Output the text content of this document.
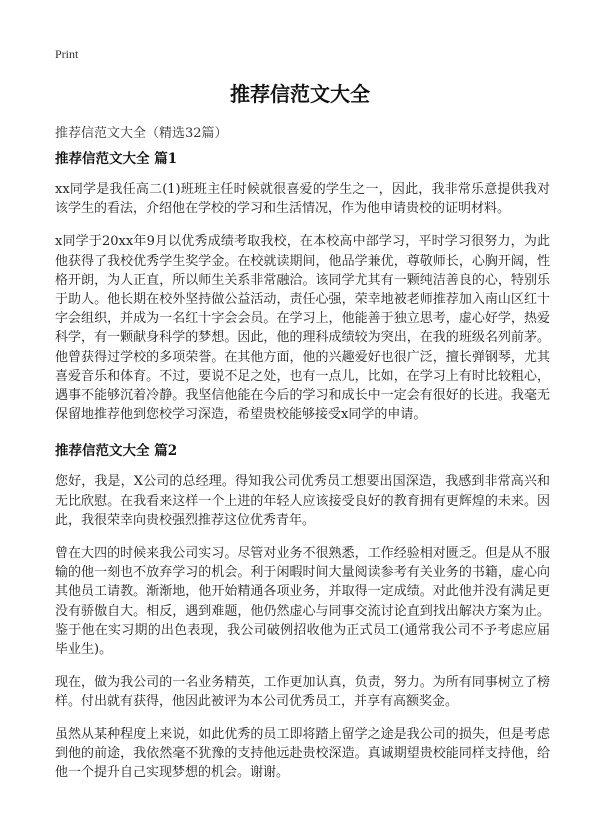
Print
推荐信范文大全
推荐信范文大全（精选32篇）
推荐信范文大全 篇1

xx同学是我任高二(1)班班主任时候就很喜爱的学生之一，因此，我非常乐意提供我对该学生的看法，介绍他在学校的学习和生活情况，作为他申请贵校的证明材料。

x同学于20xx年9月以优秀成绩考取我校，在本校高中部学习，平时学习很努力，为此他获得了我校优秀学生奖学金。在校就读期间，他品学兼优，尊敬师长，心胸开阔，性格开朗，为人正直，所以师生关系非常融洽。该同学尤其有一颗纯洁善良的心，特别乐于助人。他长期在校外坚持做公益活动，责任心强，荣幸地被老师推荐加入南山区红十字会组织，并成为一名红十字会会员。在学习上，他能善于独立思考，虚心好学，热爱科学，有一颗献身科学的梦想。因此，他的理科成绩较为突出，在我的班级名列前茅。他曾获得过学校的多项荣誉。在其他方面，他的兴趣爱好也很广泛，擅长弹钢琴，尤其喜爱音乐和体育。不过，要说不足之处，也有一点儿，比如，在学习上有时比较粗心，遇事不能够沉着冷静。我坚信他能在今后的学习和成长中一定会有很好的长进。我毫无保留地推荐他到您校学习深造，希望贵校能够接受x同学的申请。

推荐信范文大全 篇2

您好，我是，X公司的总经理。得知我公司优秀员工想要出国深造，我感到非常高兴和无比欣慰。在我看来这样一个上进的年轻人应该接受良好的教育拥有更辉煌的未来。因此，我很荣幸向贵校强烈推荐这位优秀青年。

曾在大四的时候来我公司实习。尽管对业务不很熟悉，工作经验相对匮乏。但是从不服输的他一刻也不放弃学习的机会。利于闲暇时间大量阅读参考有关业务的书籍，虚心向其他员工请教。渐渐地，他开始精通各项业务，并取得一定成绩。对此他并没有满足更没有骄傲自大。相反，遇到难题，他仍然虚心与同事交流讨论直到找出解决方案为止。鉴于他在实习期的出色表现，我公司破例招收他为正式员工(通常我公司不予考虑应届毕业生)。

现在，做为我公司的一名业务精英，工作更加认真，负责，努力。为所有同事树立了榜样。付出就有获得，他因此被评为本公司优秀员工，并享有高额奖金。

虽然从某种程度上来说，如此优秀的员工即将踏上留学之途是我公司的损失，但是考虑到他的前途，我依然毫不犹豫的支持他远赴贵校深造。真诚期望贵校能同样支持他，给他一个提升自己实现梦想的机会。谢谢。
